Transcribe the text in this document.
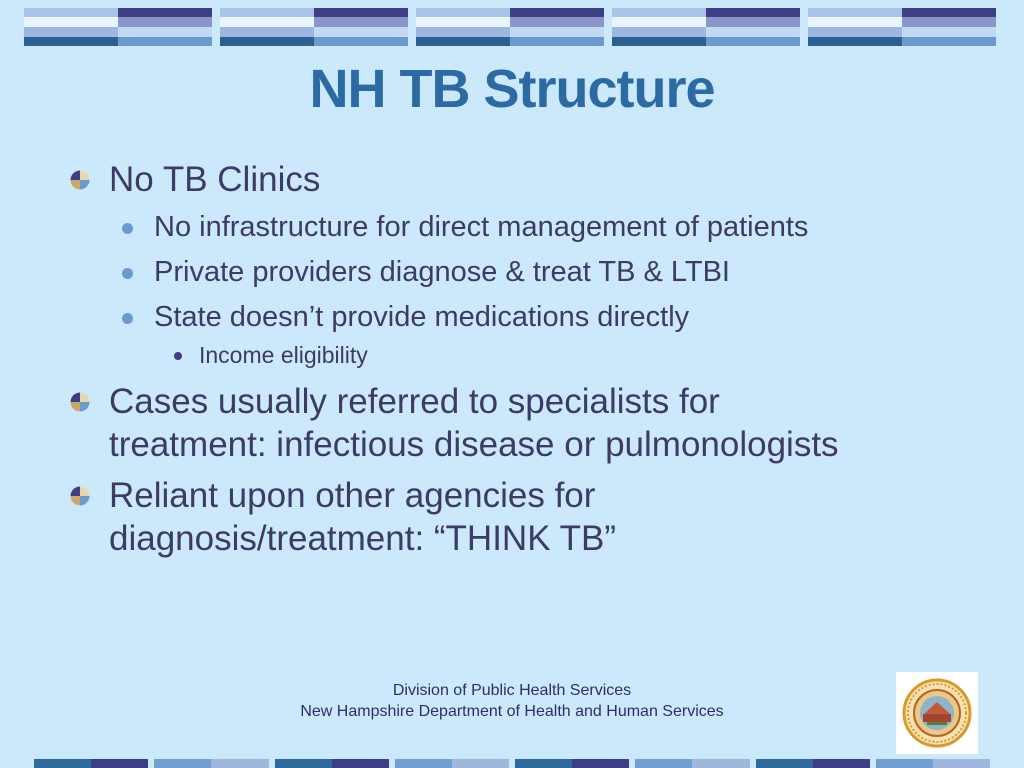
NH TB Structure
No TB Clinics
No infrastructure for direct management of patients
Private providers diagnose & treat TB & LTBI
State doesn’t provide medications directly
Income eligibility
Cases usually referred to specialists for treatment: infectious disease or pulmonologists
Reliant upon other agencies for diagnosis/treatment: “THINK TB”
Division of Public Health Services
New Hampshire Department of Health and Human Services
